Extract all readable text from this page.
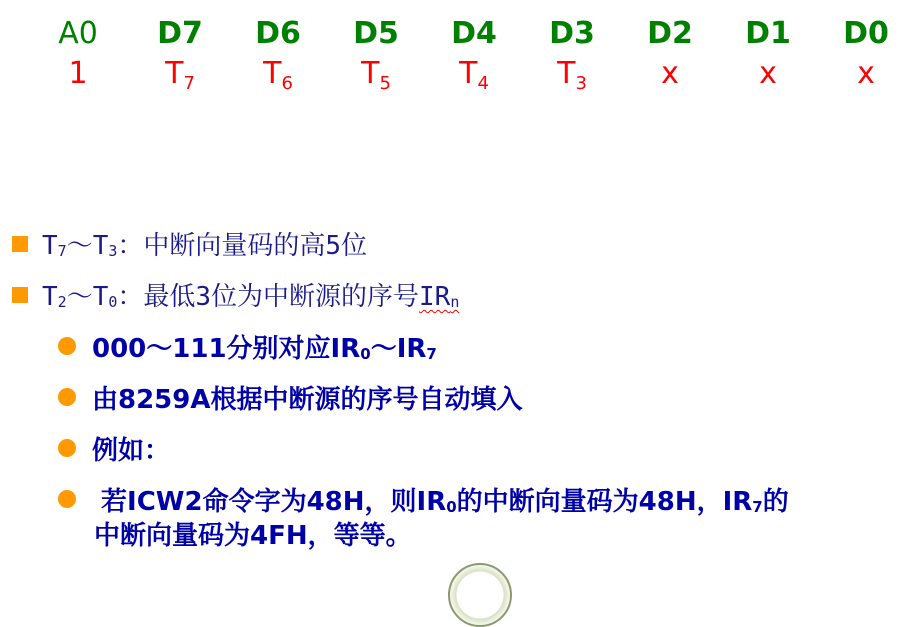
A0	D7 D6 D5 D4 D3 D2 D1 D0
1	$T_7$	$T_6$	$T_5$	$T_4$	$T_3$	x	x	x
$T_7\sim T_3$：中断向量码的高5位
$T_2\sim T_0$：最低3位为中断源的序号$IR_n$
000～111分别对应$IR_0\sim IR_7$
由8259A根据中断源的序号自动填入
例如：
若ICW2命令字为48H，则$IR_0$的中断向量码为48H，$IR_7$的
中断向量码为4FH，等等。
